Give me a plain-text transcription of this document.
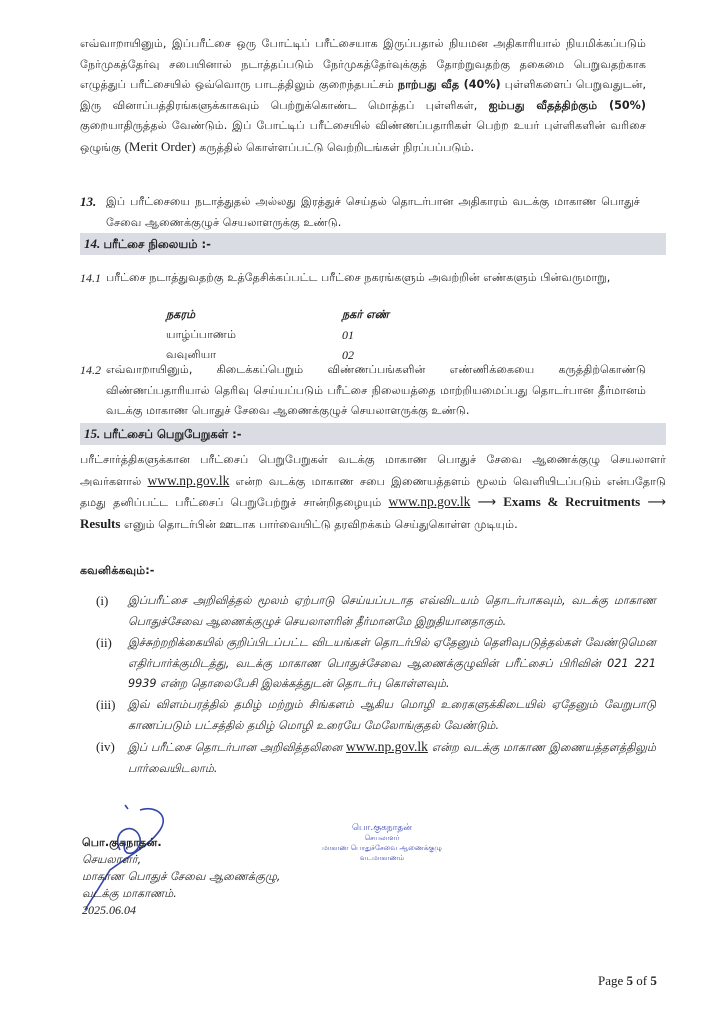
எவ்வாறாயினும், இப்பரீட்சை ஒரு போட்டிப் பரீட்சையாக இருப்பதால் நியமன அதிகாரியால் நியமிக்கப்படும் நேர்முகத்தேர்வு சபையினால் நடாத்தப்படும் நேர்முகத்தேர்வுக்குத் தோற்றுவதற்கு தகைமை பெறுவதற்காக எழுத்துப் பரீட்சையில் ஒவ்வொரு பாடத்திலும் குறைந்தபட்சம் நாற்பது வீத (40%) புள்ளிகளைப் பெறுவதுடன், இரு வினாப்பத்திரங்களுக்காகவும் பெற்றுக்கொண்ட மொத்தப் புள்ளிகள், ஐம்பது வீதத்திற்கும் (50%) குறையாதிருத்தல் வேண்டும். இப் போட்டிப் பரீட்சையில் விண்ணப்பதாரிகள் பெற்ற உயர் புள்ளிகளின் வரிசை ஒழுங்கு (Merit Order) கருத்தில் கொள்ளப்பட்டு வெற்றிடங்கள் நிரப்பப்படும்.
13. இப் பரீட்சையை நடாத்துதல் அல்லது இரத்துச் செய்தல் தொடர்பான அதிகாரம் வடக்கு மாகாண பொதுச் சேவை ஆணைக்குழுச் செயலாளருக்கு உண்டு.
14. பரீட்சை நிலையம் :-
14.1 பரீட்சை நடாத்துவதற்கு உத்தேசிக்கப்பட்ட பரீட்சை நகரங்களும் அவற்றின் எண்களும் பின்வருமாறு,
நகரம்	நகர் எண்
யாழ்ப்பாணம்	01
வவுனியா	02
14.2 எவ்வாறாயினும், கிடைக்கப்பெறும் விண்ணப்பங்களின் எண்ணிக்கையை கருத்திற்கொண்டு விண்ணப்பதாரியால் தெரிவு செய்யப்படும் பரீட்சை நிலையத்தை மாற்றியமைப்பது தொடர்பான தீர்மானம் வடக்கு மாகாண பொதுச் சேவை ஆணைக்குழுச் செயலாளருக்கு உண்டு.
15. பரீட்சைப் பெறுபேறுகள் :-
பரீட்சார்த்திகளுக்கான பரீட்சைப் பெறுபேறுகள் வடக்கு மாகாண பொதுச் சேவை ஆணைக்குழு செயலாளர் அவர்களால் www.np.gov.lk என்ற வடக்கு மாகாண சபை இணையத்தளம் மூலம் வெளியிடப்படும் என்பதோடு தமது தனிப்பட்ட பரீட்சைப் பெறுபேற்றுச் சான்றிதழையும் www.np.gov.lk ⟶ Exams & Recruitments ⟶ Results எனும் தொடர்பின் ஊடாக பார்வையிட்டு தரவிறக்கம் செய்துகொள்ள முடியும்.
கவனிக்கவும்:-
(i) இப்பரீட்சை அறிவித்தல் மூலம் ஏற்பாடு செய்யப்படாத எவ்விடயம் தொடர்பாகவும், வடக்கு மாகாண பொதுச்சேவை ஆணைக்குழுச் செயலாளரின் தீர்மானமே இறுதியானதாகும்.
(ii) இச்சுற்றறிக்கையில் குறிப்பிடப்பட்ட விடயங்கள் தொடர்பில் ஏதேனும் தெளிவுபடுத்தல்கள் வேண்டுமென எதிர்பார்க்குமிடத்து, வடக்கு மாகாண பொதுச்சேவை ஆணைக்குழுவின் பரீட்சைப் பிரிவின் 021 221 9939 என்ற தொலைபேசி இலக்கத்துடன் தொடர்பு கொள்ளவும்.
(iii) இவ் விளம்பரத்தில் தமிழ் மற்றும் சிங்களம் ஆகிய மொழி உரைகளுக்கிடையில் ஏதேனும் வேறுபாடு காணப்படும் பட்சத்தில் தமிழ் மொழி உரையே மேலோங்குதல் வேண்டும்.
(iv) இப் பரீட்சை தொடர்பான அறிவித்தலினை www.np.gov.lk என்ற வடக்கு மாகாண இணையத்தளத்திலும் பார்வையிடலாம்.
பொ.குகநாதன்.
செயலாளர்,
மாகாண பொதுச் சேவை ஆணைக்குழு,
வடக்கு மாகாணம்.
2025.06.04
பொ.குகநாதன்
செயலாளர்
மாகாண பொதுச்சேவை ஆணைக்குழு
வடமாகாணம்
Page 5 of 5
